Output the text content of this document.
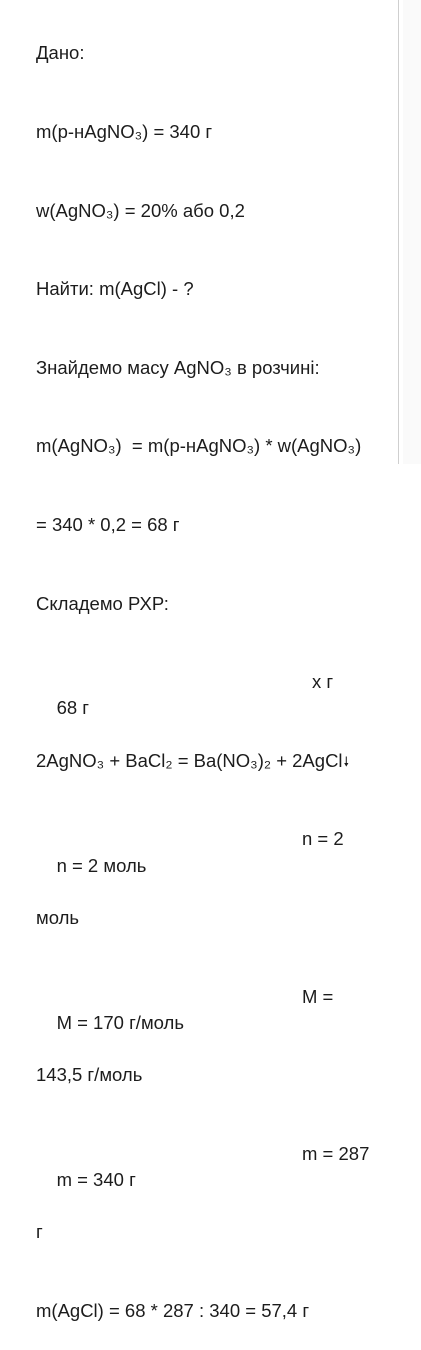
Дано:

m(р-нAgNO₃) = 340 г

w(AgNO₃) = 20% або 0,2

Найти: m(AgCl) - ?

Знайдемо масу AgNO₃ в розчині:

m(AgNO₃)  = m(р-нAgNO₃) * w(AgNO₃)

= 340 * 0,2 = 68 г

Складемо РХР:

68 г

х г

2AgNO₃ + BaCl₂ = Ba(NO₃)₂ + 2AgCl🠗

n = 2 моль

n = 2

моль

M = 170 г/моль

M =

143,5 г/моль

m = 340 г

m = 287

г

m(AgCl) = 68 * 287 : 340 = 57,4 г
